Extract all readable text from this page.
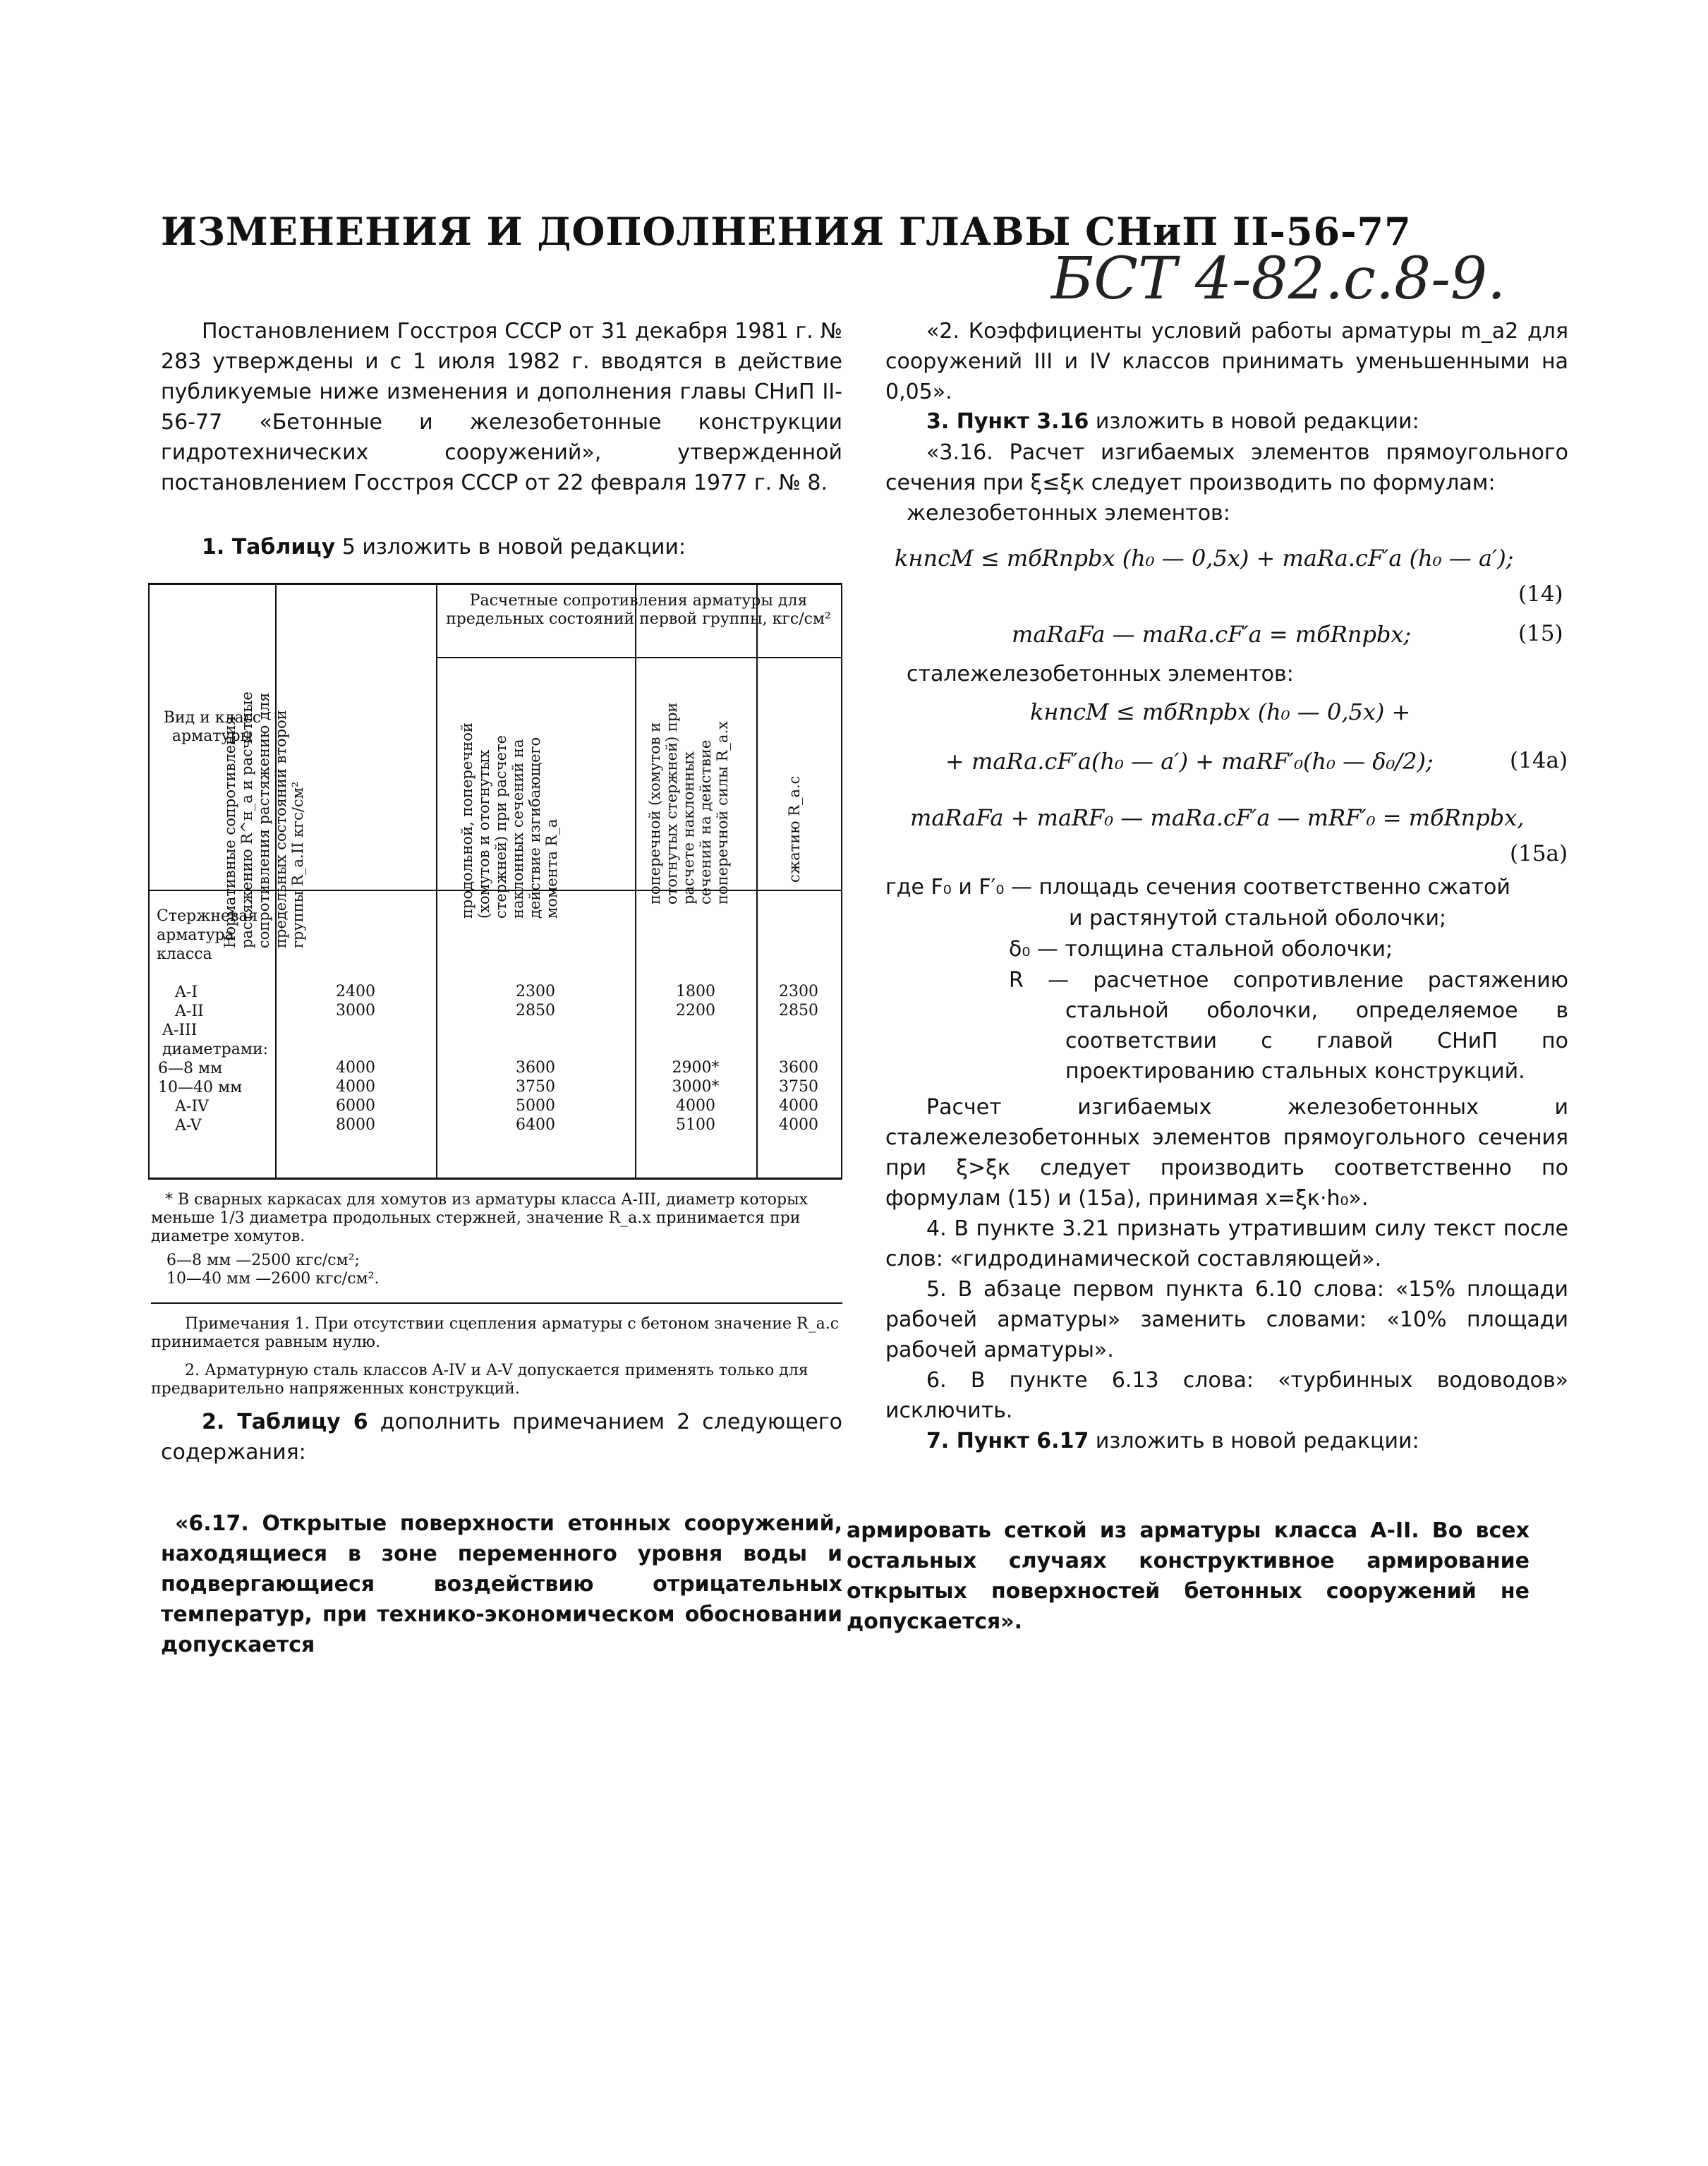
ИЗМЕНЕНИЯ И ДОПОЛНЕНИЯ ГЛАВЫ СНиП II-56-77
БСТ 4-82.с.8-9.
Постановлением Госстроя СССР от 31 декабря 1981 г. № 283 утверждены и с 1 июля 1982 г. вводятся в действие публикуемые ниже изменения и дополнения главы СНиП II-56-77 «Бетонные и железобетонные конструкции гидротехнических сооружений», утвержденной постановлением Госстроя СССР от 22 февраля 1977 г. № 8.
1. Таблицу 5 изложить в новой редакции:
Расчетные сопротивления арматуры для предельных состояний первой группы, кгс/см²
Вид и класс арматуры
Нормативные сопротивления растяжению R^н_a и расчетные сопротивления растяжению для предельных состояний второй группы R_a.II кгс/см²	продольной, поперечной (хомутов и отогнутых стержней) при расчете наклонных сечений на действие изгибающего момента R_a	поперечной (хомутов и отогнутых стержней) при расчете наклонных сечений на действие поперечной силы R_a.x	сжатию R_a.c
Стержневая арматура класса
A-I	2400	2300	1800	2300
A-II	3000	2850	2200	2850
A-III диаметрами:
6—8 мм	4000	3600	2900*	3600
10—40 мм	4000	3750	3000*	3750
A-IV	6000	5000	4000	4000
A-V	8000	6400	5100	4000
* В сварных каркасах для хомутов из арматуры класса A-III, диаметр которых меньше 1/3 диаметра продольных стержней, значение R_a.x принимается при диаметре хомутов.
6—8 мм —2500 кгс/см²;
10—40 мм —2600 кгс/см².
Примечания 1. При отсутствии сцепления арматуры с бетоном значение R_a.c принимается равным нулю.
2. Арматурную сталь классов A-IV и A-V допускается применять только для предварительно напряженных конструкций.
2. Таблицу 6 дополнить примечанием 2 следующего содержания:
«2. Коэффициенты условий работы арматуры m_a2 для сооружений III и IV классов принимать уменьшенными на 0,05».
3. Пункт 3.16 изложить в новой редакции:
«3.16. Расчет изгибаемых элементов прямоугольного сечения при ξ≤ξк следует производить по формулам:
железобетонных элементов:
kнnсM ≤ mбRпрbx (h₀ — 0,5x) + maRa.cF′a (h₀ — a′);
(14)
maRaFa — maRa.cF′a = mбRпрbx;	(15)
сталежелезобетонных элементов:
kнnсM ≤ mбRпрbx (h₀ — 0,5x) +
+ maRa.cF′a(h₀ — a′) + maRF′₀(h₀ — δ₀/2);	(14a)
maRaFa + maRF₀ — maRa.cF′a — mRF′₀ = mбRпрbx,
(15a)
где F₀ и F′₀ — площадь сечения соответственно сжатой
и растянутой стальной оболочки;
δ₀ — толщина стальной оболочки;
R — расчетное сопротивление растяжению стальной оболочки, определяемое в соответствии с главой СНиП по проектированию стальных конструкций.
Расчет изгибаемых железобетонных и сталежелезобетонных элементов прямоугольного сечения при ξ>ξк следует производить соответственно по формулам (15) и (15a), принимая x=ξк·h₀».
4. В пункте 3.21 признать утратившим силу текст после слов: «гидродинамической составляющей».
5. В абзаце первом пункта 6.10 слова: «15% площади рабочей арматуры» заменить словами: «10% площади рабочей арматуры».
6. В пункте 6.13 слова: «турбинных водоводов» исключить.
7. Пункт 6.17 изложить в новой редакции:
«6.17. Открытые поверхности етонных сооружений, находящиеся в зоне переменного уровня воды и подвергающиеся воздействию отрицательных температур, при технико-экономическом обосновании допускается
армировать сеткой из арматуры класса A-II. Во всех остальных случаях конструктивное армирование открытых поверхностей бетонных сооружений не допускается».
